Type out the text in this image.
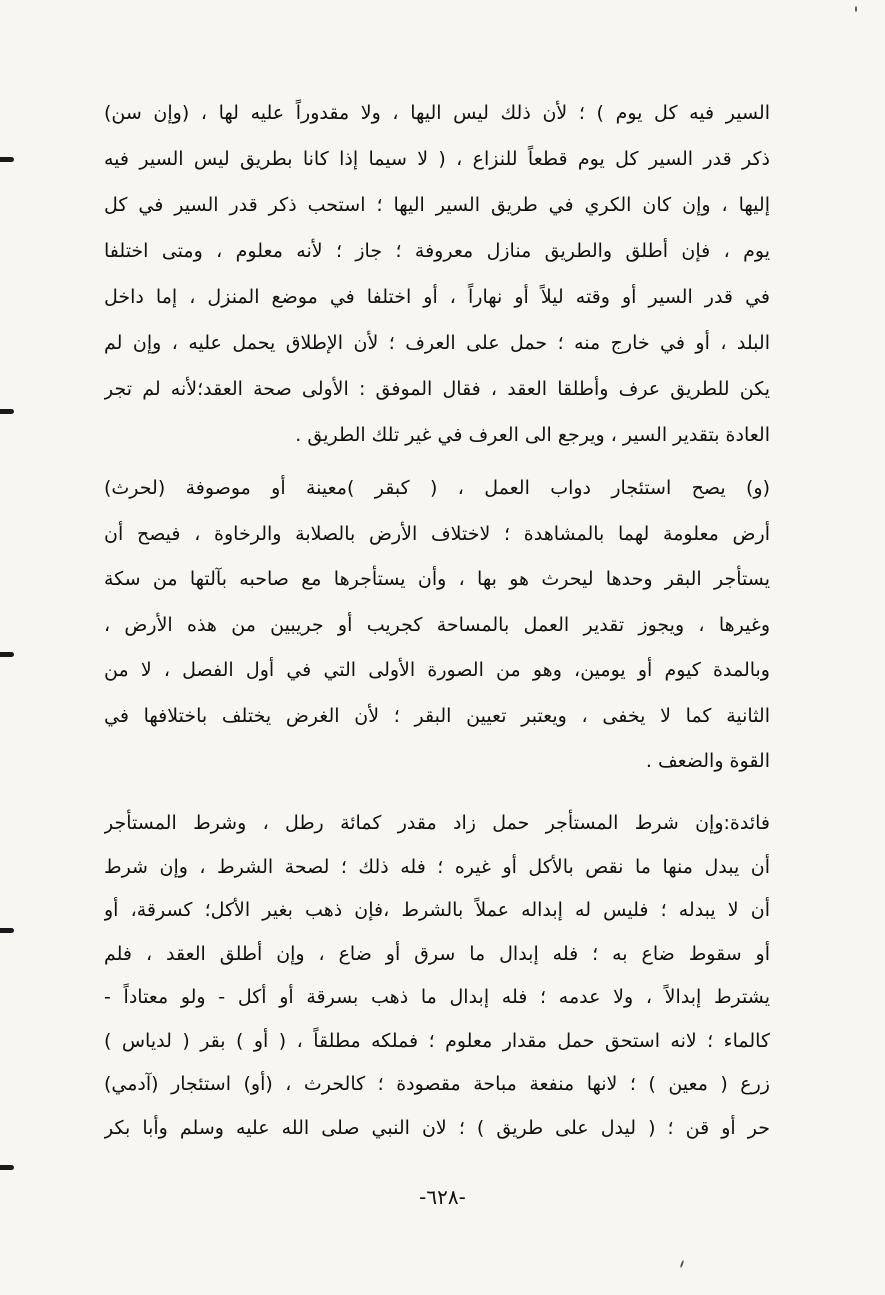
السير فيه كل يوم ) ؛ لأن ذلك ليس اليها ، ولا مقدوراً عليه لها ، (وإن سن)
ذكر قدر السير كل يوم قطعاً للنزاع ، ( لا سيما إذا كانا بطريق ليس السير فيه
إليها ، وإن كان الكري في طريق السير اليها ؛ استحب ذكر قدر السير في كل
يوم ، فإن أطلق والطريق منازل معروفة ؛ جاز ؛ لأنه معلوم ، ومتى اختلفا
في قدر السير أو وقته ليلاً أو نهاراً ، أو اختلفا في موضع المنزل ، إما داخل
البلد ، أو في خارج منه ؛ حمل على العرف ؛ لأن الإطلاق يحمل عليه ، وإن لم
يكن للطريق عرف وأطلقا العقد ، فقال الموفق : الأولى صحة العقد؛لأنه لم تجر
العادة بتقدير السير ، ويرجع الى العرف في غير تلك الطريق .
(و) يصح استئجار دواب العمل ، ( كبقر )معينة أو موصوفة (لحرث)
أرض معلومة لهما بالمشاهدة ؛ لاختلاف الأرض بالصلابة والرخاوة ، فيصح أن
يستأجر البقر وحدها ليحرث هو بها ، وأن يستأجرها مع صاحبه بآلتها من سكة
وغيرها ، ويجوز تقدير العمل بالمساحة كجريب أو جريبين من هذه الأرض ،
وبالمدة كيوم أو يومين، وهو من الصورة الأولى التي في أول الفصل ، لا من
الثانية كما لا يخفى ، ويعتبر تعيين البقر ؛ لأن الغرض يختلف باختلافها في
القوة والضعف .
فائدة:وإن شرط المستأجر حمل زاد مقدر كمائة رطل ، وشرط المستأجر
أن يبدل منها ما نقص بالأكل أو غيره ؛ فله ذلك ؛ لصحة الشرط ، وإن شرط
أن لا يبدله ؛ فليس له إبداله عملاً بالشرط ،فإن ذهب بغير الأكل؛ كسرقة، أو
أو سقوط ضاع به ؛ فله إبدال ما سرق أو ضاع ، وإن أطلق العقد ، فلم
يشترط إبدالاً ، ولا عدمه ؛ فله إبدال ما ذهب بسرقة أو أكل - ولو معتاداً -
كالماء ؛ لانه استحق حمل مقدار معلوم ؛ فملكه مطلقاً ، ( أو ) بقر ( لدياس )
زرع ( معين ) ؛ لانها منفعة مباحة مقصودة ؛ كالحرث ، (أو) استئجار (آدمي)
حر أو قن ؛ ( ليدل على طريق ) ؛ لان النبي صلى الله عليه وسلم وأبا بكر
-٦٢٨-
